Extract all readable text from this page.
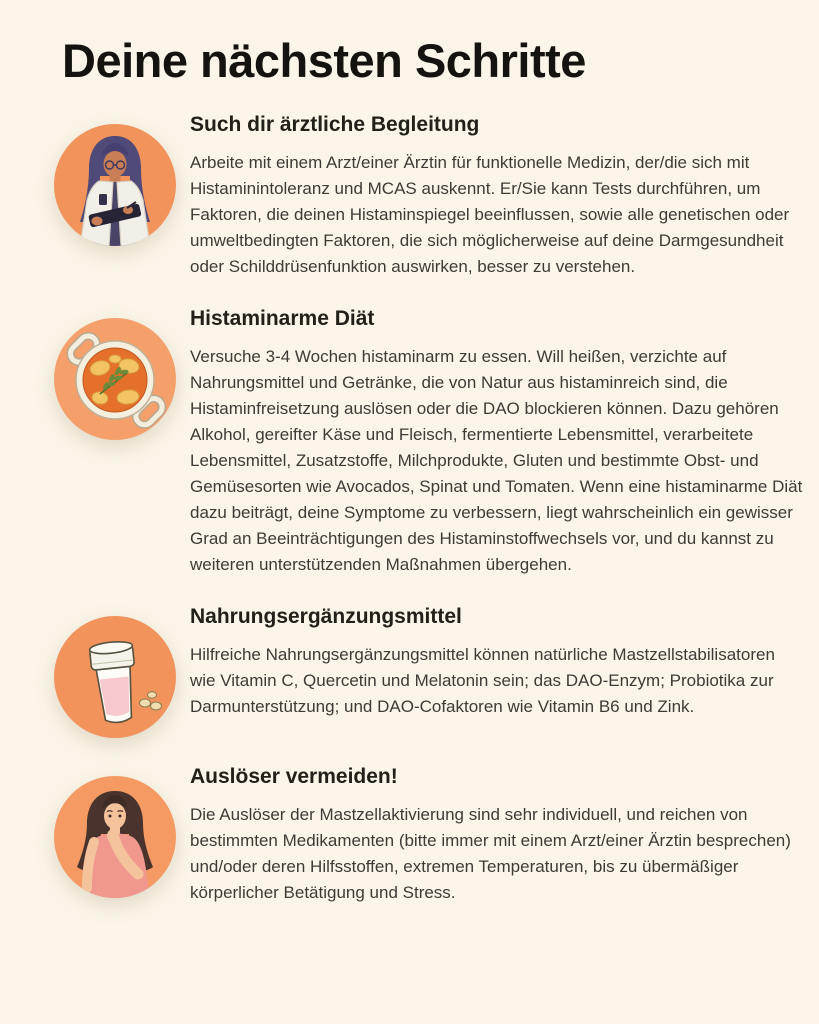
Deine nächsten Schritte
Such dir ärztliche Begleitung

Arbeite mit einem Arzt/einer Ärztin für funktionelle Medizin, der/die sich mit Histaminintoleranz und MCAS auskennt. Er/Sie kann Tests durchführen, um Faktoren, die deinen Histaminspiegel beeinflussen, sowie alle genetischen oder umweltbedingten Faktoren, die sich möglicherweise auf deine Darmgesundheit oder Schilddrüsenfunktion auswirken, besser zu verstehen.

Histaminarme Diät

Versuche 3-4 Wochen histaminarm zu essen. Will heißen, verzichte auf Nahrungsmittel und Getränke, die von Natur aus histaminreich sind, die Histaminfreisetzung auslösen oder die DAO blockieren können. Dazu gehören Alkohol, gereifter Käse und Fleisch, fermentierte Lebensmittel, verarbeitete Lebensmittel, Zusatzstoffe, Milchprodukte, Gluten und bestimmte Obst- und Gemüsesorten wie Avocados, Spinat und Tomaten. Wenn eine histaminarme Diät dazu beiträgt, deine Symptome zu verbessern, liegt wahrscheinlich ein gewisser Grad an Beeinträchtigungen des Histaminstoffwechsels vor, und du kannst zu weiteren unterstützenden Maßnahmen übergehen.

Nahrungsergänzungsmittel

Hilfreiche Nahrungsergänzungsmittel können natürliche Mastzellstabilisatoren wie Vitamin C, Quercetin und Melatonin sein; das DAO-Enzym; Probiotika zur Darmunterstützung; und DAO-Cofaktoren wie Vitamin B6 und Zink.

Auslöser vermeiden!

Die Auslöser der Mastzellaktivierung sind sehr individuell, und reichen von bestimmten Medikamenten (bitte immer mit einem Arzt/einer Ärztin besprechen) und/oder deren Hilfsstoffen, extremen Temperaturen, bis zu übermäßiger körperlicher Betätigung und Stress.
